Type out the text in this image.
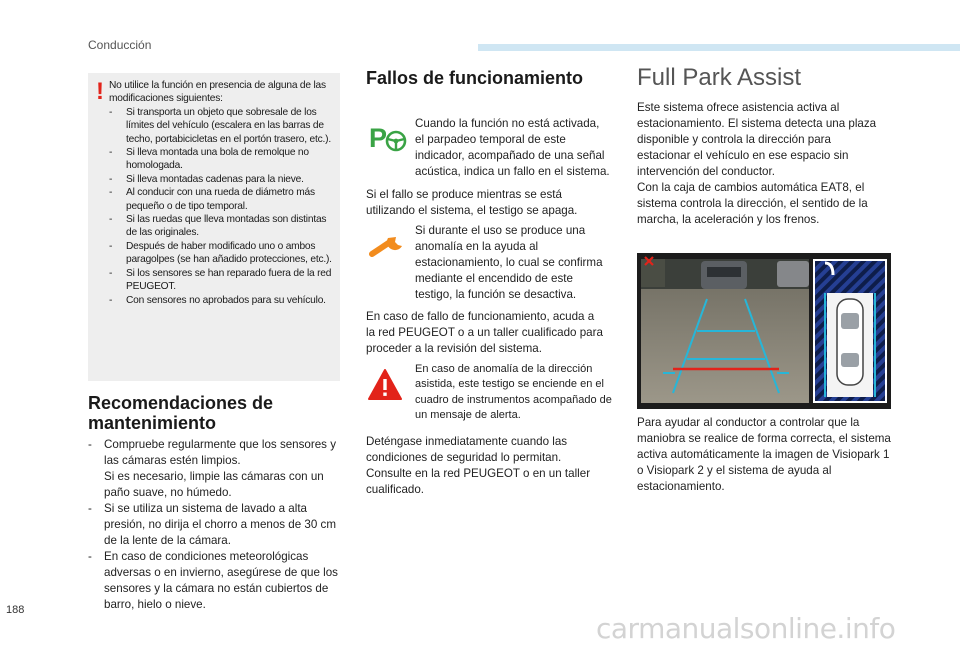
Conducción
! No utilice la función en presencia de alguna de las modificaciones siguientes:
- Si transporta un objeto que sobresale de los límites del vehículo (escalera en las barras de techo, portabicicletas en el portón trasero, etc.).
- Si lleva montada una bola de remolque no homologada.
- Si lleva montadas cadenas para la nieve.
- Al conducir con una rueda de diámetro más pequeño o de tipo temporal.
- Si las ruedas que lleva montadas son distintas de las originales.
- Después de haber modificado uno o ambos paragolpes (se han añadido protecciones, etc.).
- Si los sensores se han reparado fuera de la red PEUGEOT.
- Con sensores no aprobados para su vehículo.
Recomendaciones de mantenimiento
- Compruebe regularmente que los sensores y las cámaras estén limpios.
Si es necesario, limpie las cámaras con un paño suave, no húmedo.
- Si se utiliza un sistema de lavado a alta presión, no dirija el chorro a menos de 30 cm de la lente de la cámara.
- En caso de condiciones meteorológicas adversas o en invierno, asegúrese de que los sensores y la cámara no están cubiertos de barro, hielo o nieve.
Fallos de funcionamiento
P Cuando la función no está activada, el parpadeo temporal de este indicador, acompañado de una señal acústica, indica un fallo en el sistema.
Si el fallo se produce mientras se está utilizando el sistema, el testigo se apaga.
Si durante el uso se produce una anomalía en la ayuda al estacionamiento, lo cual se confirma mediante el encendido de este testigo, la función se desactiva.
En caso de fallo de funcionamiento, acuda a la red PEUGEOT o a un taller cualificado para proceder a la revisión del sistema.
En caso de anomalía de la dirección asistida, este testigo se enciende en el cuadro de instrumentos acompañado de un mensaje de alerta.
Deténgase inmediatamente cuando las condiciones de seguridad lo permitan.
Consulte en la red PEUGEOT o en un taller cualificado.
Full Park Assist
Este sistema ofrece asistencia activa al estacionamiento. El sistema detecta una plaza disponible y controla la dirección para estacionar el vehículo en ese espacio sin intervención del conductor.
Con la caja de cambios automática EAT8, el sistema controla la dirección, el sentido de la marcha, la aceleración y los frenos.
Para ayudar al conductor a controlar que la maniobra se realice de forma correcta, el sistema activa automáticamente la imagen de Visiopark 1 o Visiopark 2 y el sistema de ayuda al estacionamiento.
188
carmanualsonline.info
